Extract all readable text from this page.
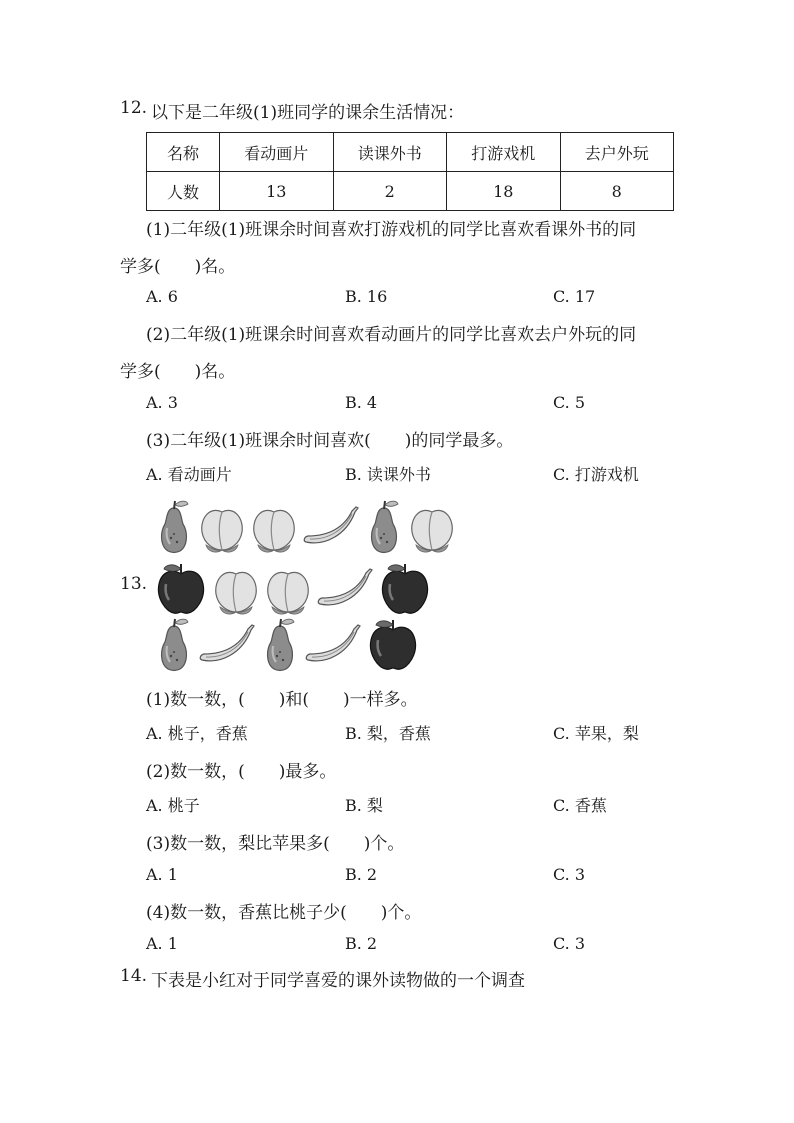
12. 以下是二年级(1)班同学的课余生活情况：
名称	看动画片	读课外书	打游戏机	去户外玩
人数	13	2	18	8
(1)二年级(1)班课余时间喜欢打游戏机的同学比喜欢看课外书的同
学多(　　)名。
A. 6	B. 16	C. 17
(2)二年级(1)班课余时间喜欢看动画片的同学比喜欢去户外玩的同
学多(　　)名。
A. 3	B. 4	C. 5
(3)二年级(1)班课余时间喜欢(　　)的同学最多。
A. 看动画片	B. 读课外书	C. 打游戏机
13.
(1)数一数，(　　)和(　　)一样多。
A. 桃子，香蕉	B. 梨，香蕉	C. 苹果，梨
(2)数一数，(　　)最多。
A. 桃子	B. 梨	C. 香蕉
(3)数一数，梨比苹果多(　　)个。
A. 1	B. 2	C. 3
(4)数一数，香蕉比桃子少(　　)个。
A. 1	B. 2	C. 3
14. 下表是小红对于同学喜爱的课外读物做的一个调查
